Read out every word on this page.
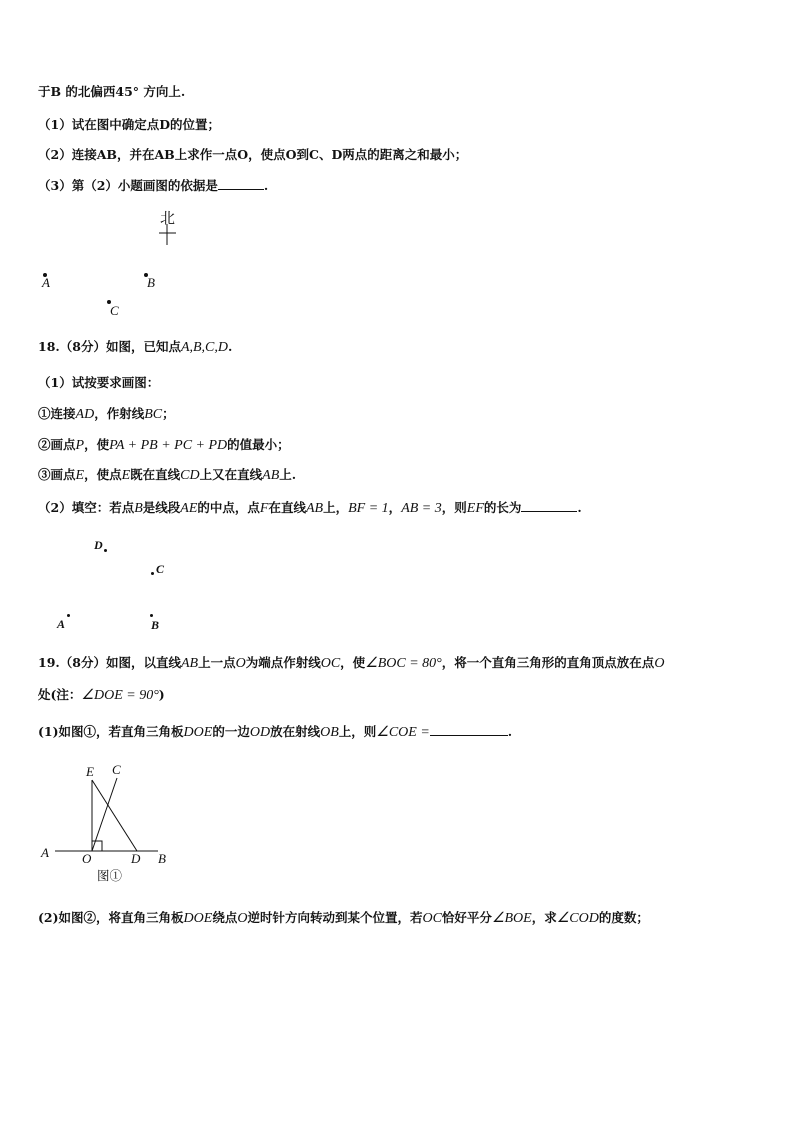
于B 的北偏西45° 方向上.
（1）试在图中确定点D的位置；
（2）连接AB，并在AB上求作一点O，使点O到C、D两点的距离之和最小；
（3）第（2）小题画图的依据是	.
北
A	B
C
18.（8分）如图，已知点A,B,C,D.
（1）试按要求画图：
①连接AD，作射线BC；
②画点P，使PA + PB + PC + PD的值最小；
③画点E，使点E既在直线CD上又在直线AB上.
（2）填空：若点B是线段AE的中点，点F在直线AB上，BF = 1，AB = 3，则EF的长为	.
D
C
A	B
19.（8分）如图，以直线AB上一点O为端点作射线OC，使∠BOC = 80°，将一个直角三角形的直角顶点放在点O
处(注：∠DOE = 90°)
(1)如图①，若直角三角板DOE的一边OD放在射线OB上，则∠COE =	.
E C
A	O	D B
图①
(2)如图②，将直角三角板DOE绕点O逆时针方向转动到某个位置，若OC恰好平分∠BOE，求∠COD的度数；
